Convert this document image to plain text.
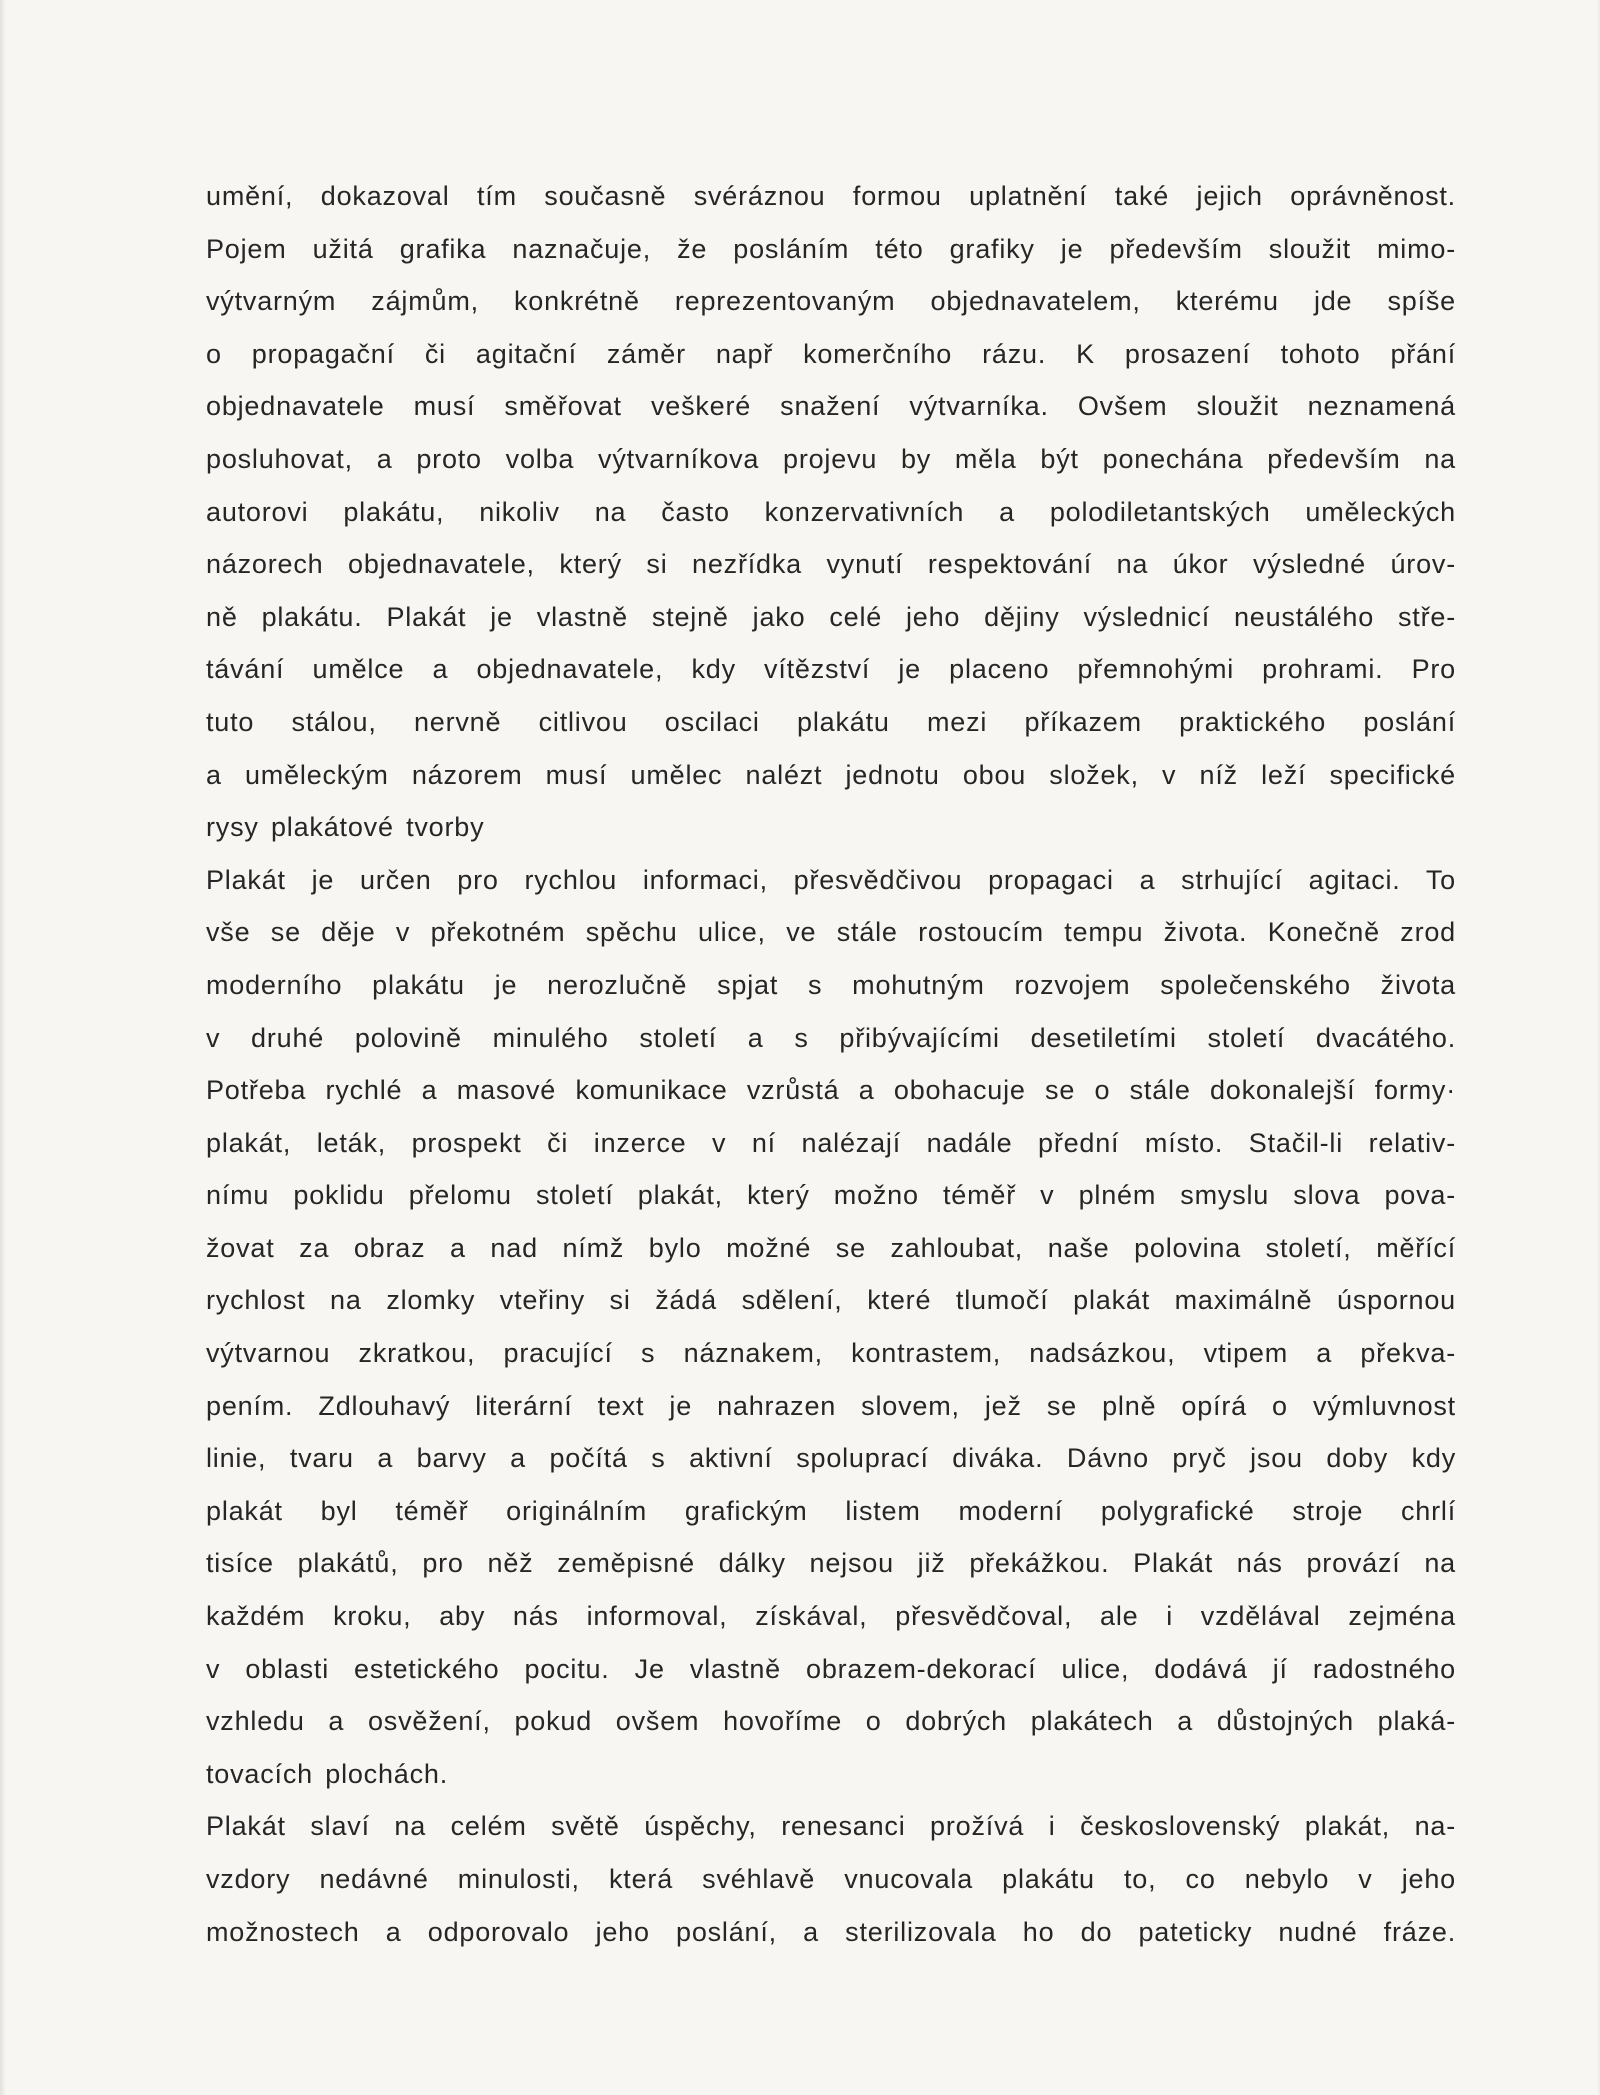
umění, dokazoval tím současně svéráznou formou uplatnění také jejich oprávněnost.
Pojem užitá grafika naznačuje, že posláním této grafiky je především sloužit mimo-
výtvarným zájmům, konkrétně reprezentovaným objednavatelem, kterému jde spíše
o propagační či agitační záměr např komerčního rázu. K prosazení tohoto přání
objednavatele musí směřovat veškeré snažení výtvarníka. Ovšem sloužit neznamená
posluhovat, a proto volba výtvarníkova projevu by měla být ponechána především na
autorovi plakátu, nikoliv na často konzervativních a polodiletantských uměleckých
názorech objednavatele, který si nezřídka vynutí respektování na úkor výsledné úrov-
ně plakátu. Plakát je vlastně stejně jako celé jeho dějiny výslednicí neustálého stře-
távání umělce a objednavatele, kdy vítězství je placeno přemnohými prohrami. Pro
tuto stálou, nervně citlivou oscilaci plakátu mezi příkazem praktického poslání
a uměleckým názorem musí umělec nalézt jednotu obou složek, v níž leží specifické
rysy plakátové tvorby
Plakát je určen pro rychlou informaci, přesvědčivou propagaci a strhující agitaci. To
vše se děje v překotném spěchu ulice, ve stále rostoucím tempu života. Konečně zrod
moderního plakátu je nerozlučně spjat s mohutným rozvojem společenského života
v druhé polovině minulého století a s přibývajícími desetiletími století dvacátého.
Potřeba rychlé a masové komunikace vzrůstá a obohacuje se o stále dokonalejší formy·
plakát, leták, prospekt či inzerce v ní nalézají nadále přední místo. Stačil-li relativ-
nímu poklidu přelomu století plakát, který možno téměř v plném smyslu slova pova-
žovat za obraz a nad nímž bylo možné se zahloubat, naše polovina století, měřící
rychlost na zlomky vteřiny si žádá sdělení, které tlumočí plakát maximálně úspornou
výtvarnou zkratkou, pracující s náznakem, kontrastem, nadsázkou, vtipem a překva-
pením. Zdlouhavý literární text je nahrazen slovem, jež se plně opírá o výmluvnost
linie, tvaru a barvy a počítá s aktivní spoluprací diváka. Dávno pryč jsou doby kdy
plakát byl téměř originálním grafickým listem moderní polygrafické stroje chrlí
tisíce plakátů, pro něž zeměpisné dálky nejsou již překážkou. Plakát nás provází na
každém kroku, aby nás informoval, získával, přesvědčoval, ale i vzdělával zejména
v oblasti estetického pocitu. Je vlastně obrazem-dekorací ulice, dodává jí radostného
vzhledu a osvěžení, pokud ovšem hovoříme o dobrých plakátech a důstojných plaká-
tovacích plochách.
Plakát slaví na celém světě úspěchy, renesanci prožívá i československý plakát, na-
vzdory nedávné minulosti, která svéhlavě vnucovala plakátu to, co nebylo v jeho
možnostech a odporovalo jeho poslání, a sterilizovala ho do pateticky nudné fráze.
